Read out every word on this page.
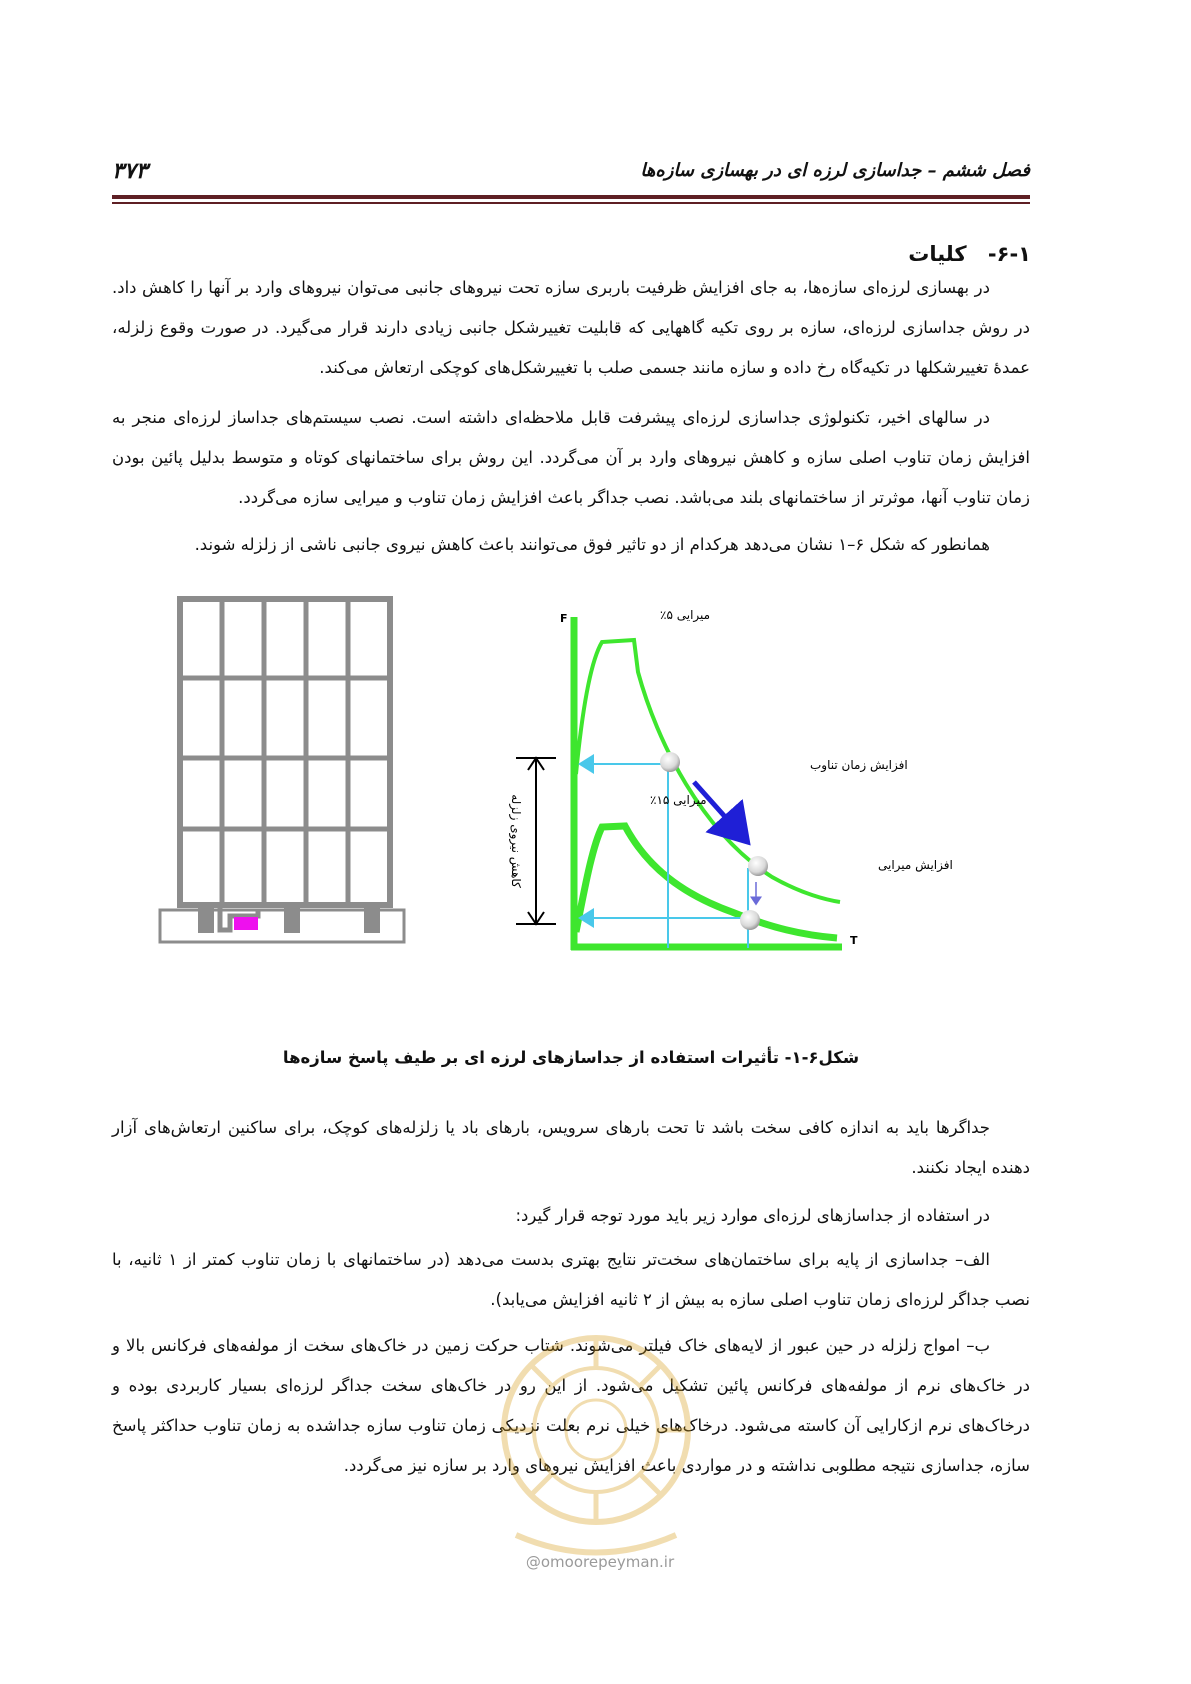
فصل ششم – جداسازی لرزه ای در بهسازی سازه‌ها
۳۷۳
۶-۱- کلیات

در بهسازی لرزه‌ای سازه‌ها، به جای افزایش ظرفیت باربری سازه تحت نیروهای جانبی می‌توان نیروهای وارد بر آنها را کاهش داد. در روش جداسازی لرزه‌ای، سازه بر روی تکیه گاههایی که قابلیت تغییرشکل جانبی زیادی دارند قرار می‌گیرد. در صورت وقوع زلزله، عمدۀ تغییرشکلها در تکیه‌گاه رخ داده و سازه مانند جسمی صلب با تغییرشکل‌های کوچکی ارتعاش می‌کند.

در سالهای اخیر، تکنولوژی جداسازی لرزه‌ای پیشرفت قابل ملاحظه‌ای داشته است. نصب سیستم‌های جداساز لرزه‌ای منجر به افزایش زمان تناوب اصلی سازه و کاهش نیروهای وارد بر آن می‌گردد. این روش برای ساختمانهای کوتاه و متوسط بدلیل پائین بودن زمان تناوب آنها، موثرتر از ساختمانهای بلند می‌باشد. نصب جداگر باعث افزایش زمان تناوب و میرایی سازه می‌گردد.

همانطور که شکل ۶–۱ نشان می‌دهد هرکدام از دو تاثیر فوق می‌توانند باعث کاهش نیروی جانبی ناشی از زلزله شوند.

F
T
میرایی ۵٪
میرایی ۱۵٪
افزایش زمان تناوب
افزایش میرایی
کاهش نیروی زلزله
شکل۶-۱- تأثیرات استفاده از جداسازهای لرزه ای بر طیف پاسخ سازه‌ها

جداگرها باید به اندازه کافی سخت باشد تا تحت بارهای سرویس، بارهای باد یا زلزله‌های کوچک، برای ساکنین ارتعاش‌های آزار دهنده ایجاد نکنند.

در استفاده از جداسازهای لرزه‌ای موارد زیر باید مورد توجه قرار گیرد:

الف– جداسازی از پایه برای ساختمان‌های سخت‌تر نتایج بهتری بدست می‌دهد (در ساختمانهای با زمان تناوب کمتر از ۱ ثانیه، با نصب جداگر لرزه‌ای زمان تناوب اصلی سازه به بیش از ۲ ثانیه افزایش می‌یابد).

ب– امواج زلزله در حین عبور از لایه‌های خاک فیلتر می‌شوند. شتاب حرکت زمین در خاک‌های سخت از مولفه‌های فرکانس بالا و در خاک‌های نرم از مولفه‌های فرکانس پائین تشکیل می‌شود. از این رو در خاک‌های سخت جداگر لرزه‌ای بسیار کاربردی بوده و درخاک‌های نرم ازکارایی آن کاسته می‌شود. درخاک‌های خیلی نرم بعلت نزدیکی زمان تناوب سازه جداشده به زمان تناوب حداکثر پاسخ سازه، جداسازی نتیجه مطلوبی نداشته و در مواردی باعث افزایش نیروهای وارد بر سازه نیز می‌گردد.

@omoorepeyman.ir
